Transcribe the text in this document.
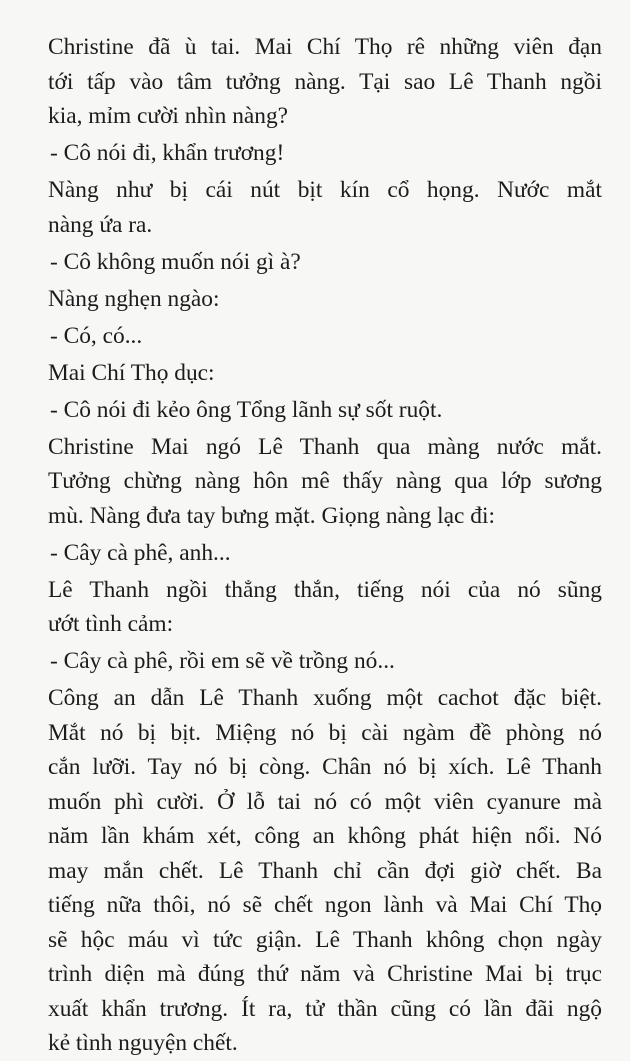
Christine đã ù tai. Mai Chí Thọ rê những viên đạn
tới tấp vào tâm tưởng nàng. Tại sao Lê Thanh ngồi
kia, mỉm cười nhìn nàng?
- Cô nói đi, khẩn trương!
Nàng như bị cái nút bịt kín cổ họng. Nước mắt
nàng ứa ra.
- Cô không muốn nói gì à?
Nàng nghẹn ngào:
- Có, có...
Mai Chí Thọ dục:
- Cô nói đi kẻo ông Tổng lãnh sự sốt ruột.
Christine Mai ngó Lê Thanh qua màng nước mắt.
Tưởng chừng nàng hôn mê thấy nàng qua lớp sương
mù. Nàng đưa tay bưng mặt. Giọng nàng lạc đi:
- Cây cà phê, anh...
Lê Thanh ngồi thẳng thắn, tiếng nói của nó sũng
ướt tình cảm:
- Cây cà phê, rồi em sẽ về trồng nó...
Công an dẫn Lê Thanh xuống một cachot đặc biệt.
Mắt nó bị bịt. Miệng nó bị cài ngàm đề phòng nó
cắn lưỡi. Tay nó bị còng. Chân nó bị xích. Lê Thanh
muốn phì cười. Ở lỗ tai nó có một viên cyanure mà
năm lần khám xét, công an không phát hiện nổi. Nó
may mắn chết. Lê Thanh chỉ cần đợi giờ chết. Ba
tiếng nữa thôi, nó sẽ chết ngon lành và Mai Chí Thọ
sẽ hộc máu vì tức giận. Lê Thanh không chọn ngày
trình diện mà đúng thứ năm và Christine Mai bị trục
xuất khẩn trương. Ít ra, tử thần cũng có lần đãi ngộ
kẻ tình nguyện chết.
